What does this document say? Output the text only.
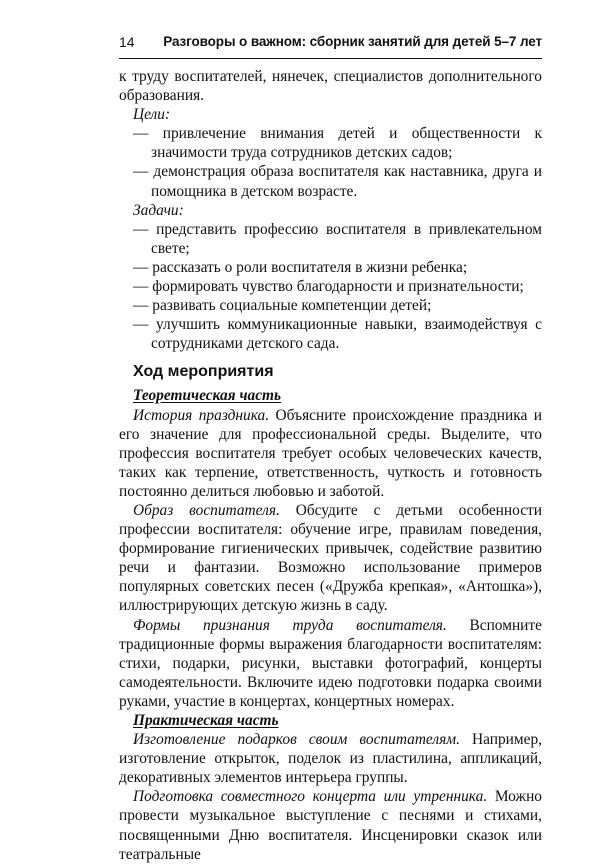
14 Разговоры о важном: сборник занятий для детей 5–7 лет

к труду воспитателей, нянечек, специалистов дополнительного образования.

Цели:

— привлечение внимания детей и общественности к значимости труда сотрудников детских садов;

— демонстрация образа воспитателя как наставника, друга и помощника в детском возрасте.

Задачи:

— представить профессию воспитателя в привлекательном свете;

— рассказать о роли воспитателя в жизни ребенка;

— формировать чувство благодарности и признательности;

— развивать социальные компетенции детей;

— улучшить коммуникационные навыки, взаимодействуя с сотрудниками детского сада.

Ход мероприятия

Теоретическая часть

История праздника. Объясните происхождение праздника и его значение для профессиональной среды. Выделите, что профессия воспитателя требует особых человеческих качеств, таких как терпение, ответственность, чуткость и готовность постоянно делиться любовью и заботой.

Образ воспитателя. Обсудите с детьми особенности профессии воспитателя: обучение игре, правилам поведения, формирование гигиенических привычек, содействие развитию речи и фантазии. Возможно использование примеров популярных советских песен («Дружба крепкая», «Антошка»), иллюстрирующих детскую жизнь в саду.

Формы признания труда воспитателя. Вспомните традиционные формы выражения благодарности воспитателям: стихи, подарки, рисунки, выставки фотографий, концерты самодеятельности. Включите идею подготовки подарка своими руками, участие в концертах, концертных номерах.

Практическая часть

Изготовление подарков своим воспитателям. Например, изготовление открыток, поделок из пластилина, аппликаций, декоративных элементов интерьера группы.

Подготовка совместного концерта или утренника. Можно провести музыкальное выступление с песнями и стихами, посвященными Дню воспитателя. Инсценировки сказок или театральные
